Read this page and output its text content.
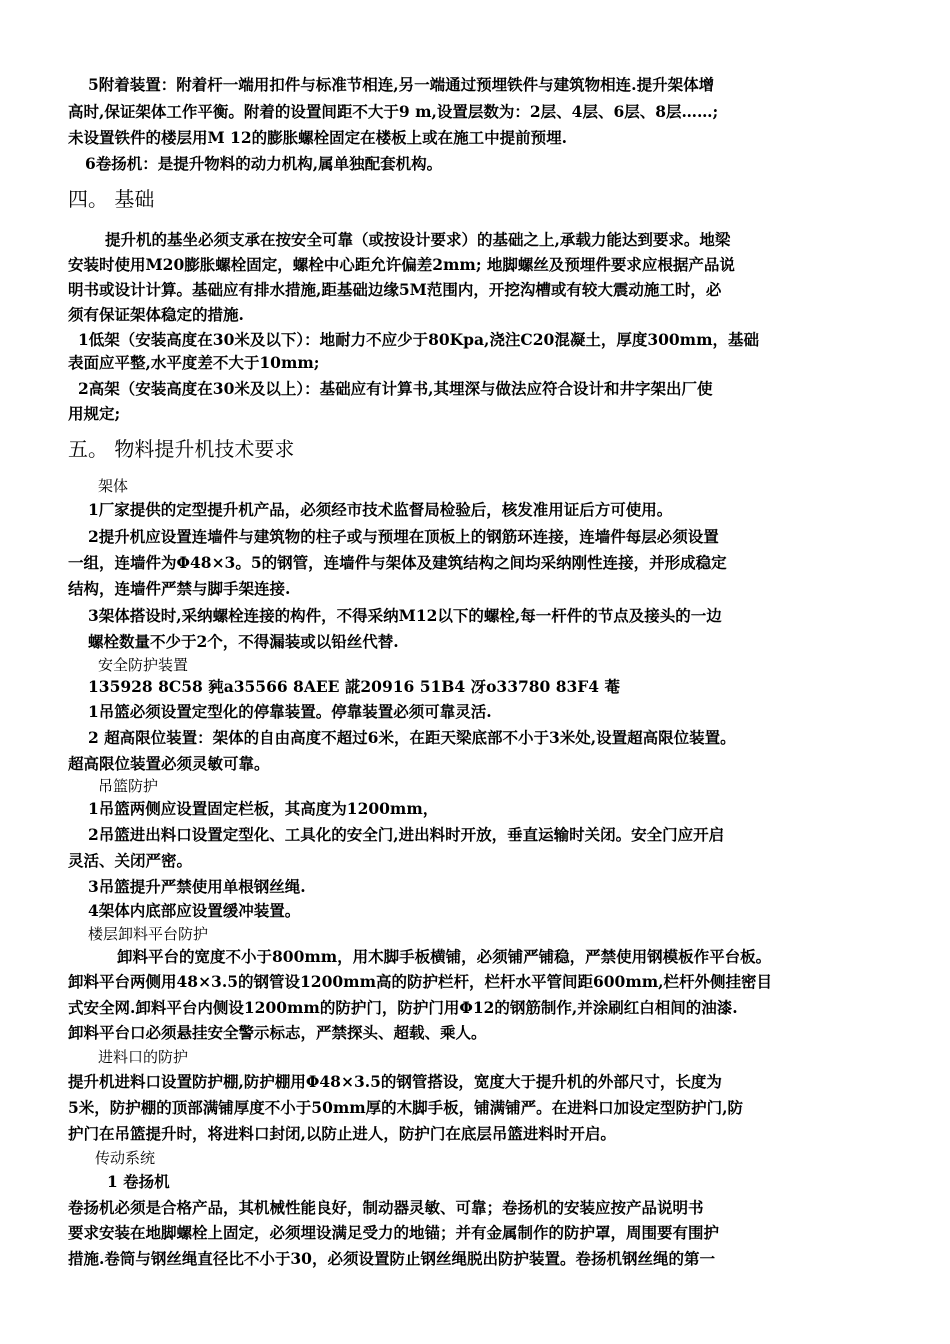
5附着装置：附着杆一端用扣件与标准节相连,另一端通过预埋铁件与建筑物相连.提升架体增

高时,保证架体工作平衡。附着的设置间距不大于9 m,设置层数为：2层、4层、6层、8层……;

未设置铁件的楼层用M 12的膨胀螺栓固定在楼板上或在施工中提前预埋.

6卷扬机：是提升物料的动力机构,属单独配套机构。

四。 基础

提升机的基坐必须支承在按安全可靠（或按设计要求）的基础之上,承载力能达到要求。地梁

安装时使用M20膨胀螺栓固定，螺栓中心距允许偏差2mm; 地脚螺丝及预埋件要求应根据产品说

明书或设计计算。基础应有排水措施,距基础边缘5M范围内，开挖沟槽或有较大震动施工时，必

须有保证架体稳定的措施.

1低架（安装高度在30米及以下）：地耐力不应少于80Kpa,浇注C20混凝土，厚度300mm，基础

表面应平整,水平度差不大于10mm;

2高架（安装高度在30米及以上）：基础应有计算书,其埋深与做法应符合设计和井字架出厂使

用规定;

五。 物料提升机技术要求

架体

1厂家提供的定型提升机产品，必须经市技术监督局检验后，核发准用证后方可使用。

2提升机应设置连墙件与建筑物的柱子或与预埋在顶板上的钢筋环连接，连墙件每层必须设置

一组，连墙件为Φ48×3。5的钢管，连墙件与架体及建筑结构之间均采纳刚性连接，并形成稳定

结构，连墙件严禁与脚手架连接.

3架体搭设时,采纳螺栓连接的构件，不得采纳M12以下的螺栓,每一杆件的节点及接头的一边

螺栓数量不少于2个，不得漏装或以铅丝代替.

安全防护装置

135928 8C58 豘a35566 8AEE 誮20916 51B4 冴o33780 83F4 菴

1吊篮必须设置定型化的停靠装置。停靠装置必须可靠灵活.

2 超高限位装置：架体的自由高度不超过6米，在距天梁底部不小于3米处,设置超高限位装置。

超高限位装置必须灵敏可靠。

吊篮防护

1吊篮两侧应设置固定栏板，其高度为1200mm，

2吊篮进出料口设置定型化、工具化的安全门,进出料时开放，垂直运输时关闭。安全门应开启

灵活、关闭严密。

3吊篮提升严禁使用单根钢丝绳.

4架体内底部应设置缓冲装置。

楼层卸料平台防护

卸料平台的宽度不小于800mm，用木脚手板横铺，必须铺严铺稳，严禁使用钢模板作平台板。

卸料平台两侧用48×3.5的钢管设1200mm高的防护栏杆，栏杆水平管间距600mm,栏杆外侧挂密目

式安全网.卸料平台内侧设1200mm的防护门，防护门用Φ12的钢筋制作,并涂刷红白相间的油漆.

卸料平台口必须悬挂安全警示标志，严禁探头、超载、乘人。

进料口的防护

提升机进料口设置防护棚,防护棚用Φ48×3.5的钢管搭设，宽度大于提升机的外部尺寸，长度为

5米，防护棚的顶部满铺厚度不小于50mm厚的木脚手板，铺满铺严。在进料口加设定型防护门,防

护门在吊篮提升时，将进料口封闭,以防止进人，防护门在底层吊篮进料时开启。

传动系统

1 卷扬机

卷扬机必须是合格产品，其机械性能良好，制动器灵敏、可靠；卷扬机的安装应按产品说明书

要求安装在地脚螺栓上固定，必须埋设满足受力的地锚；并有金属制作的防护罩，周围要有围护

措施.卷筒与钢丝绳直径比不小于30，必须设置防止钢丝绳脱出防护装置。卷扬机钢丝绳的第一
